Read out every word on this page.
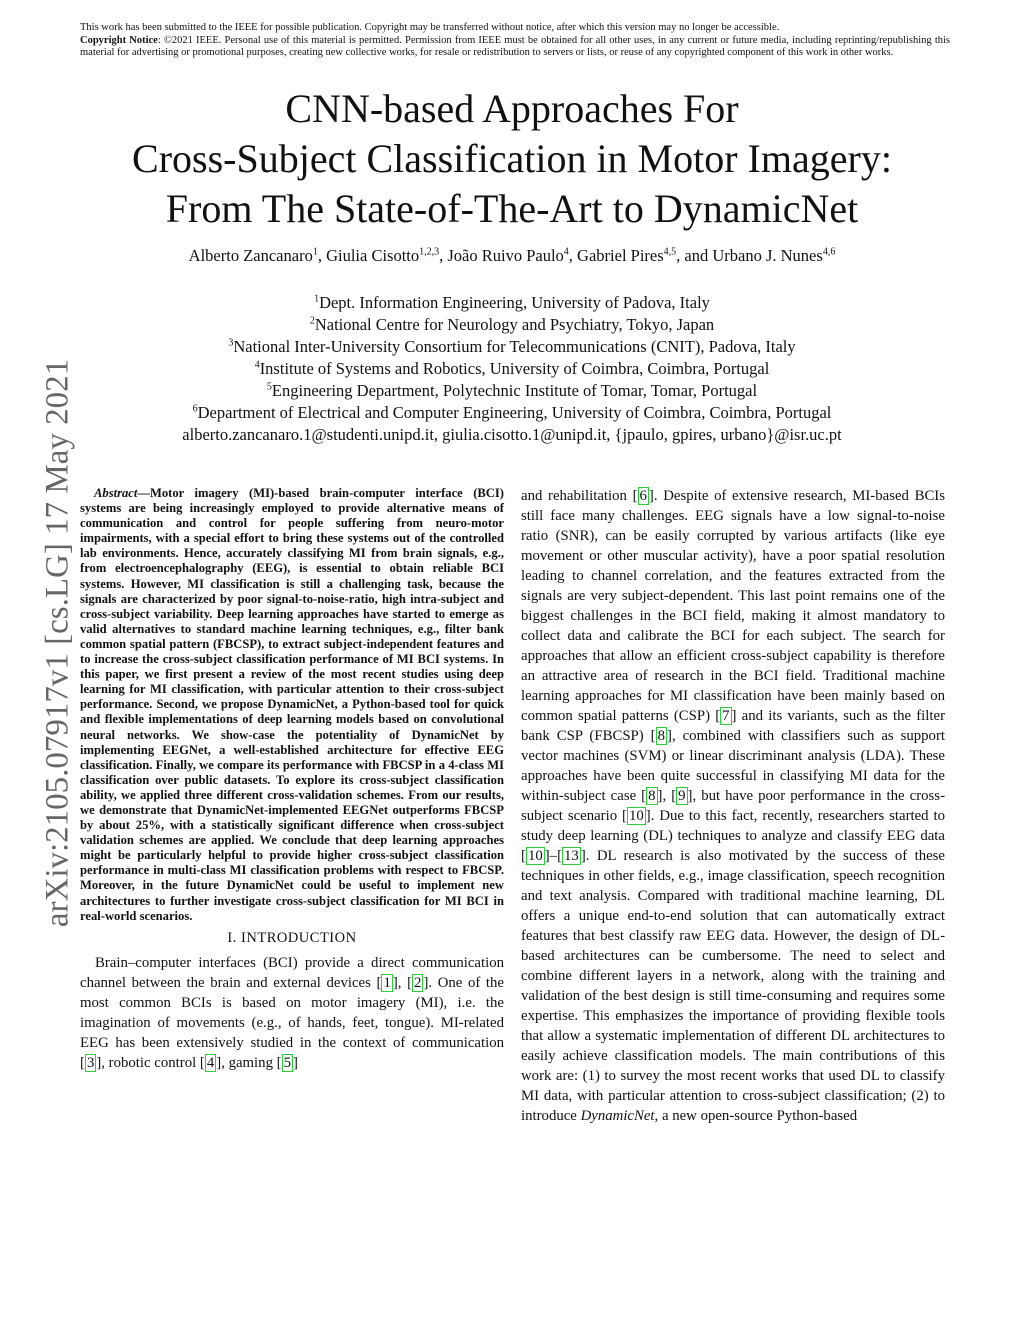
This work has been submitted to the IEEE for possible publication. Copyright may be transferred without notice, after which this version may no longer be accessible.
Copyright Notice: ©2021 IEEE. Personal use of this material is permitted. Permission from IEEE must be obtained for all other uses, in any current or future media, including reprinting/republishing this material for advertising or promotional purposes, creating new collective works, for resale or redistribution to servers or lists, or reuse of any copyrighted component of this work in other works.
CNN-based Approaches For
Cross-Subject Classification in Motor Imagery:
From The State-of-The-Art to DynamicNet
Alberto Zancanaro$^1$, Giulia Cisotto$^{1,2,3}$, João Ruivo Paulo$^4$, Gabriel Pires$^{4,5}$, and Urbano J. Nunes$^{4,6}$
$^1$Dept. Information Engineering, University of Padova, Italy
$^2$National Centre for Neurology and Psychiatry, Tokyo, Japan
$^3$National Inter-University Consortium for Telecommunications (CNIT), Padova, Italy
$^4$Institute of Systems and Robotics, University of Coimbra, Coimbra, Portugal
$^5$Engineering Department, Polytechnic Institute of Tomar, Tomar, Portugal
$^6$Department of Electrical and Computer Engineering, University of Coimbra, Coimbra, Portugal
alberto.zancanaro.1@studenti.unipd.it, giulia.cisotto.1@unipd.it, {jpaulo, gpires, urbano}@isr.uc.pt
arXiv:2105.07917v1 [cs.LG] 17 May 2021	Abstract—Motor imagery (MI)-based brain-computer interface (BCI) systems are being increasingly employed to provide alternative means of communication and control for people suffering from neuro-motor impairments, with a special effort to bring these systems out of the controlled lab environments. Hence, accurately classifying MI from brain signals, e.g., from electroencephalography (EEG), is essential to obtain reliable BCI systems. However, MI classification is still a challenging task, because the signals are characterized by poor signal-to-noise-ratio, high intra-subject and cross-subject variability. Deep learning approaches have started to emerge as valid alternatives to standard machine learning techniques, e.g., filter bank common spatial pattern (FBCSP), to extract subject-independent features and to increase the cross-subject classification performance of MI BCI systems. In this paper, we first present a review of the most recent studies using deep learning for MI classification, with particular attention to their cross-subject performance. Second, we propose DynamicNet, a Python-based tool for quick and flexible implementations of deep learning models based on convolutional neural networks. We show-case the potentiality of DynamicNet by implementing EEGNet, a well-established architecture for effective EEG classification. Finally, we compare its performance with FBCSP in a 4-class MI classification over public datasets. To explore its cross-subject classification ability, we applied three different cross-validation schemes. From our results, we demonstrate that DynamicNet-implemented EEGNet outperforms FBCSP by about 25%, with a statistically significant difference when cross-subject validation schemes are applied. We conclude that deep learning approaches might be particularly helpful to provide higher cross-subject classification performance in multi-class MI classification problems with respect to FBCSP. Moreover, in the future DynamicNet could be useful to implement new architectures to further investigate cross-subject classification for MI BCI in real-world scenarios.
I. INTRODUCTION
Brain–computer interfaces (BCI) provide a direct communication channel between the brain and external devices [ 1 ], [ 2 ]. One of the most common BCIs is based on motor imagery (MI), i.e. the imagination of movements (e.g., of hands, feet, tongue). MI-related EEG has been extensively studied in the context of communication [ 3 ], robotic control [ 4 ], gaming [ 5 ]
and rehabilitation [ 6 ]. Despite of extensive research, MI-based BCIs still face many challenges. EEG signals have a low signal-to-noise ratio (SNR), can be easily corrupted by various artifacts (like eye movement or other muscular activity), have a poor spatial resolution leading to channel correlation, and the features extracted from the signals are very subject-dependent. This last point remains one of the biggest challenges in the BCI field, making it almost mandatory to collect data and calibrate the BCI for each subject. The search for approaches that allow an efficient cross-subject capability is therefore an attractive area of research in the BCI field. Traditional machine learning approaches for MI classification have been mainly based on common spatial patterns (CSP) [ 7 ] and its variants, such as the filter bank CSP (FBCSP) [ 8 ], combined with classifiers such as support vector machines (SVM) or linear discriminant analysis (LDA). These approaches have been quite successful in classifying MI data for the within-subject case [ 8 ], [ 9 ], but have poor performance in the cross-subject scenario [ 10 ]. Due to this fact, recently, researchers started to study deep learning (DL) techniques to analyze and classify EEG data [ 10 ]–[ 13 ]. DL research is also motivated by the success of these techniques in other fields, e.g., image classification, speech recognition and text analysis. Compared with traditional machine learning, DL offers a unique end-to-end solution that can automatically extract features that best classify raw EEG data. However, the design of DL-based architectures can be cumbersome. The need to select and combine different layers in a network, along with the training and validation of the best design is still time-consuming and requires some expertise. This emphasizes the importance of providing flexible tools that allow a systematic implementation of different DL architectures to easily achieve classification models. The main contributions of this work are: (1) to survey the most recent works that used DL to classify MI data, with particular attention to cross-subject classification; (2) to introduce DynamicNet, a new open-source Python-based
